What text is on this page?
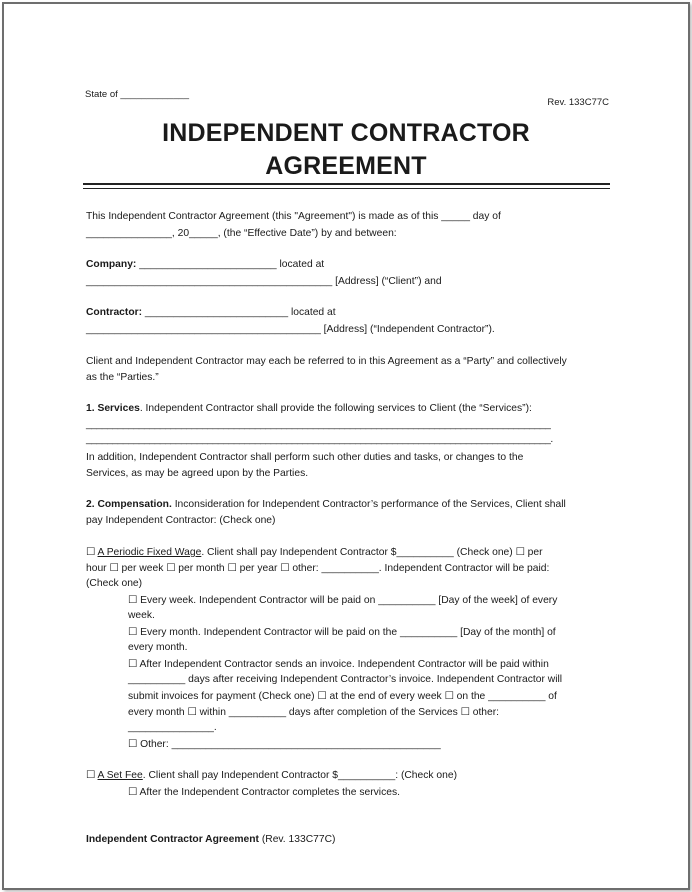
State of _____________
Rev. 133C77C
INDEPENDENT CONTRACTOR
AGREEMENT
This Independent Contractor Agreement (this "Agreement") is made as of this _____ day of
_______________, 20_____, (the “Effective Date”) by and between:
Company: ________________________ located at
___________________________________________ [Address] (“Client”) and
Contractor: _________________________ located at
_________________________________________ [Address] (“Independent Contractor”).
Client and Independent Contractor may each be referred to in this Agreement as a “Party” and collectively
as the “Parties.”
1. Services. Independent Contractor shall provide the following services to Client (the “Services”):
________________________________________________________________________________________
________________________________________________________________________________________.
In addition, Independent Contractor shall perform such other duties and tasks, or changes to the
Services, as may be agreed upon by the Parties.
2. Compensation. Inconsideration for Independent Contractor’s performance of the Services, Client shall
pay Independent Contractor: (Check one)
☐ A Periodic Fixed Wage. Client shall pay Independent Contractor $__________ (Check one) ☐ per
hour ☐ per week ☐ per month ☐ per year ☐ other: __________. Independent Contractor will be paid:
(Check one)
☐ Every week. Independent Contractor will be paid on __________ [Day of the week] of every
week.
☐ Every month. Independent Contractor will be paid on the __________ [Day of the month] of
every month.
☐ After Independent Contractor sends an invoice. Independent Contractor will be paid within
__________ days after receiving Independent Contractor’s invoice. Independent Contractor will
submit invoices for payment (Check one) ☐ at the end of every week ☐ on the __________ of
every month ☐ within __________ days after completion of the Services ☐ other:
_______________.
☐ Other: _______________________________________________
☐ A Set Fee. Client shall pay Independent Contractor $__________: (Check one)
☐ After the Independent Contractor completes the services.
Independent Contractor Agreement (Rev. 133C77C)
